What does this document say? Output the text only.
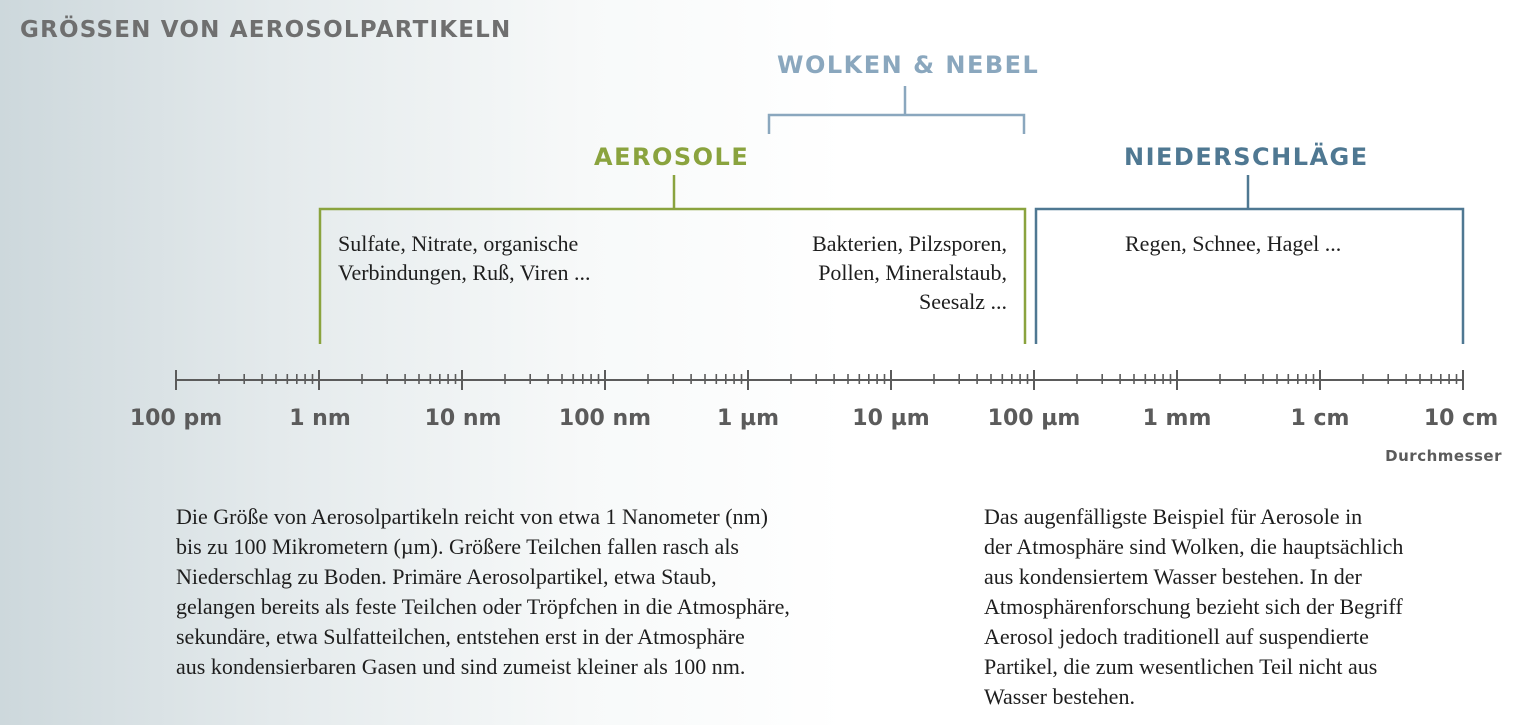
GRÖSSEN VON AEROSOLPARTIKELN
WOLKEN & NEBEL
AEROSOLE	NIEDERSCHLÄGE
Sulfate, Nitrate, organische
Verbindungen, Ruß, Viren ...
Bakterien, Pilzsporen,
Pollen, Mineralstaub,
Seesalz ...
Regen, Schnee, Hagel ...
100 pm	1 nm	10 nm	100 nm	1 µm	10 µm	100 µm	1 mm	1 cm	10 cm
Durchmesser
Die Größe von Aerosolpartikeln reicht von etwa 1 Nanometer (nm)
bis zu 100 Mikrometern (µm). Größere Teilchen fallen rasch als
Niederschlag zu Boden. Primäre Aerosolpartikel, etwa Staub,
gelangen bereits als feste Teilchen oder Tröpfchen in die Atmosphäre,
sekundäre, etwa Sulfatteilchen, entstehen erst in der Atmosphäre
aus kondensierbaren Gasen und sind zumeist kleiner als 100 nm.
Das augenfälligste Beispiel für Aerosole in
der Atmosphäre sind Wolken, die hauptsächlich
aus kondensiertem Wasser bestehen. In der
Atmosphärenforschung bezieht sich der Begriff
Aerosol jedoch traditionell auf suspendierte
Partikel, die zum wesentlichen Teil nicht aus
Wasser bestehen.
